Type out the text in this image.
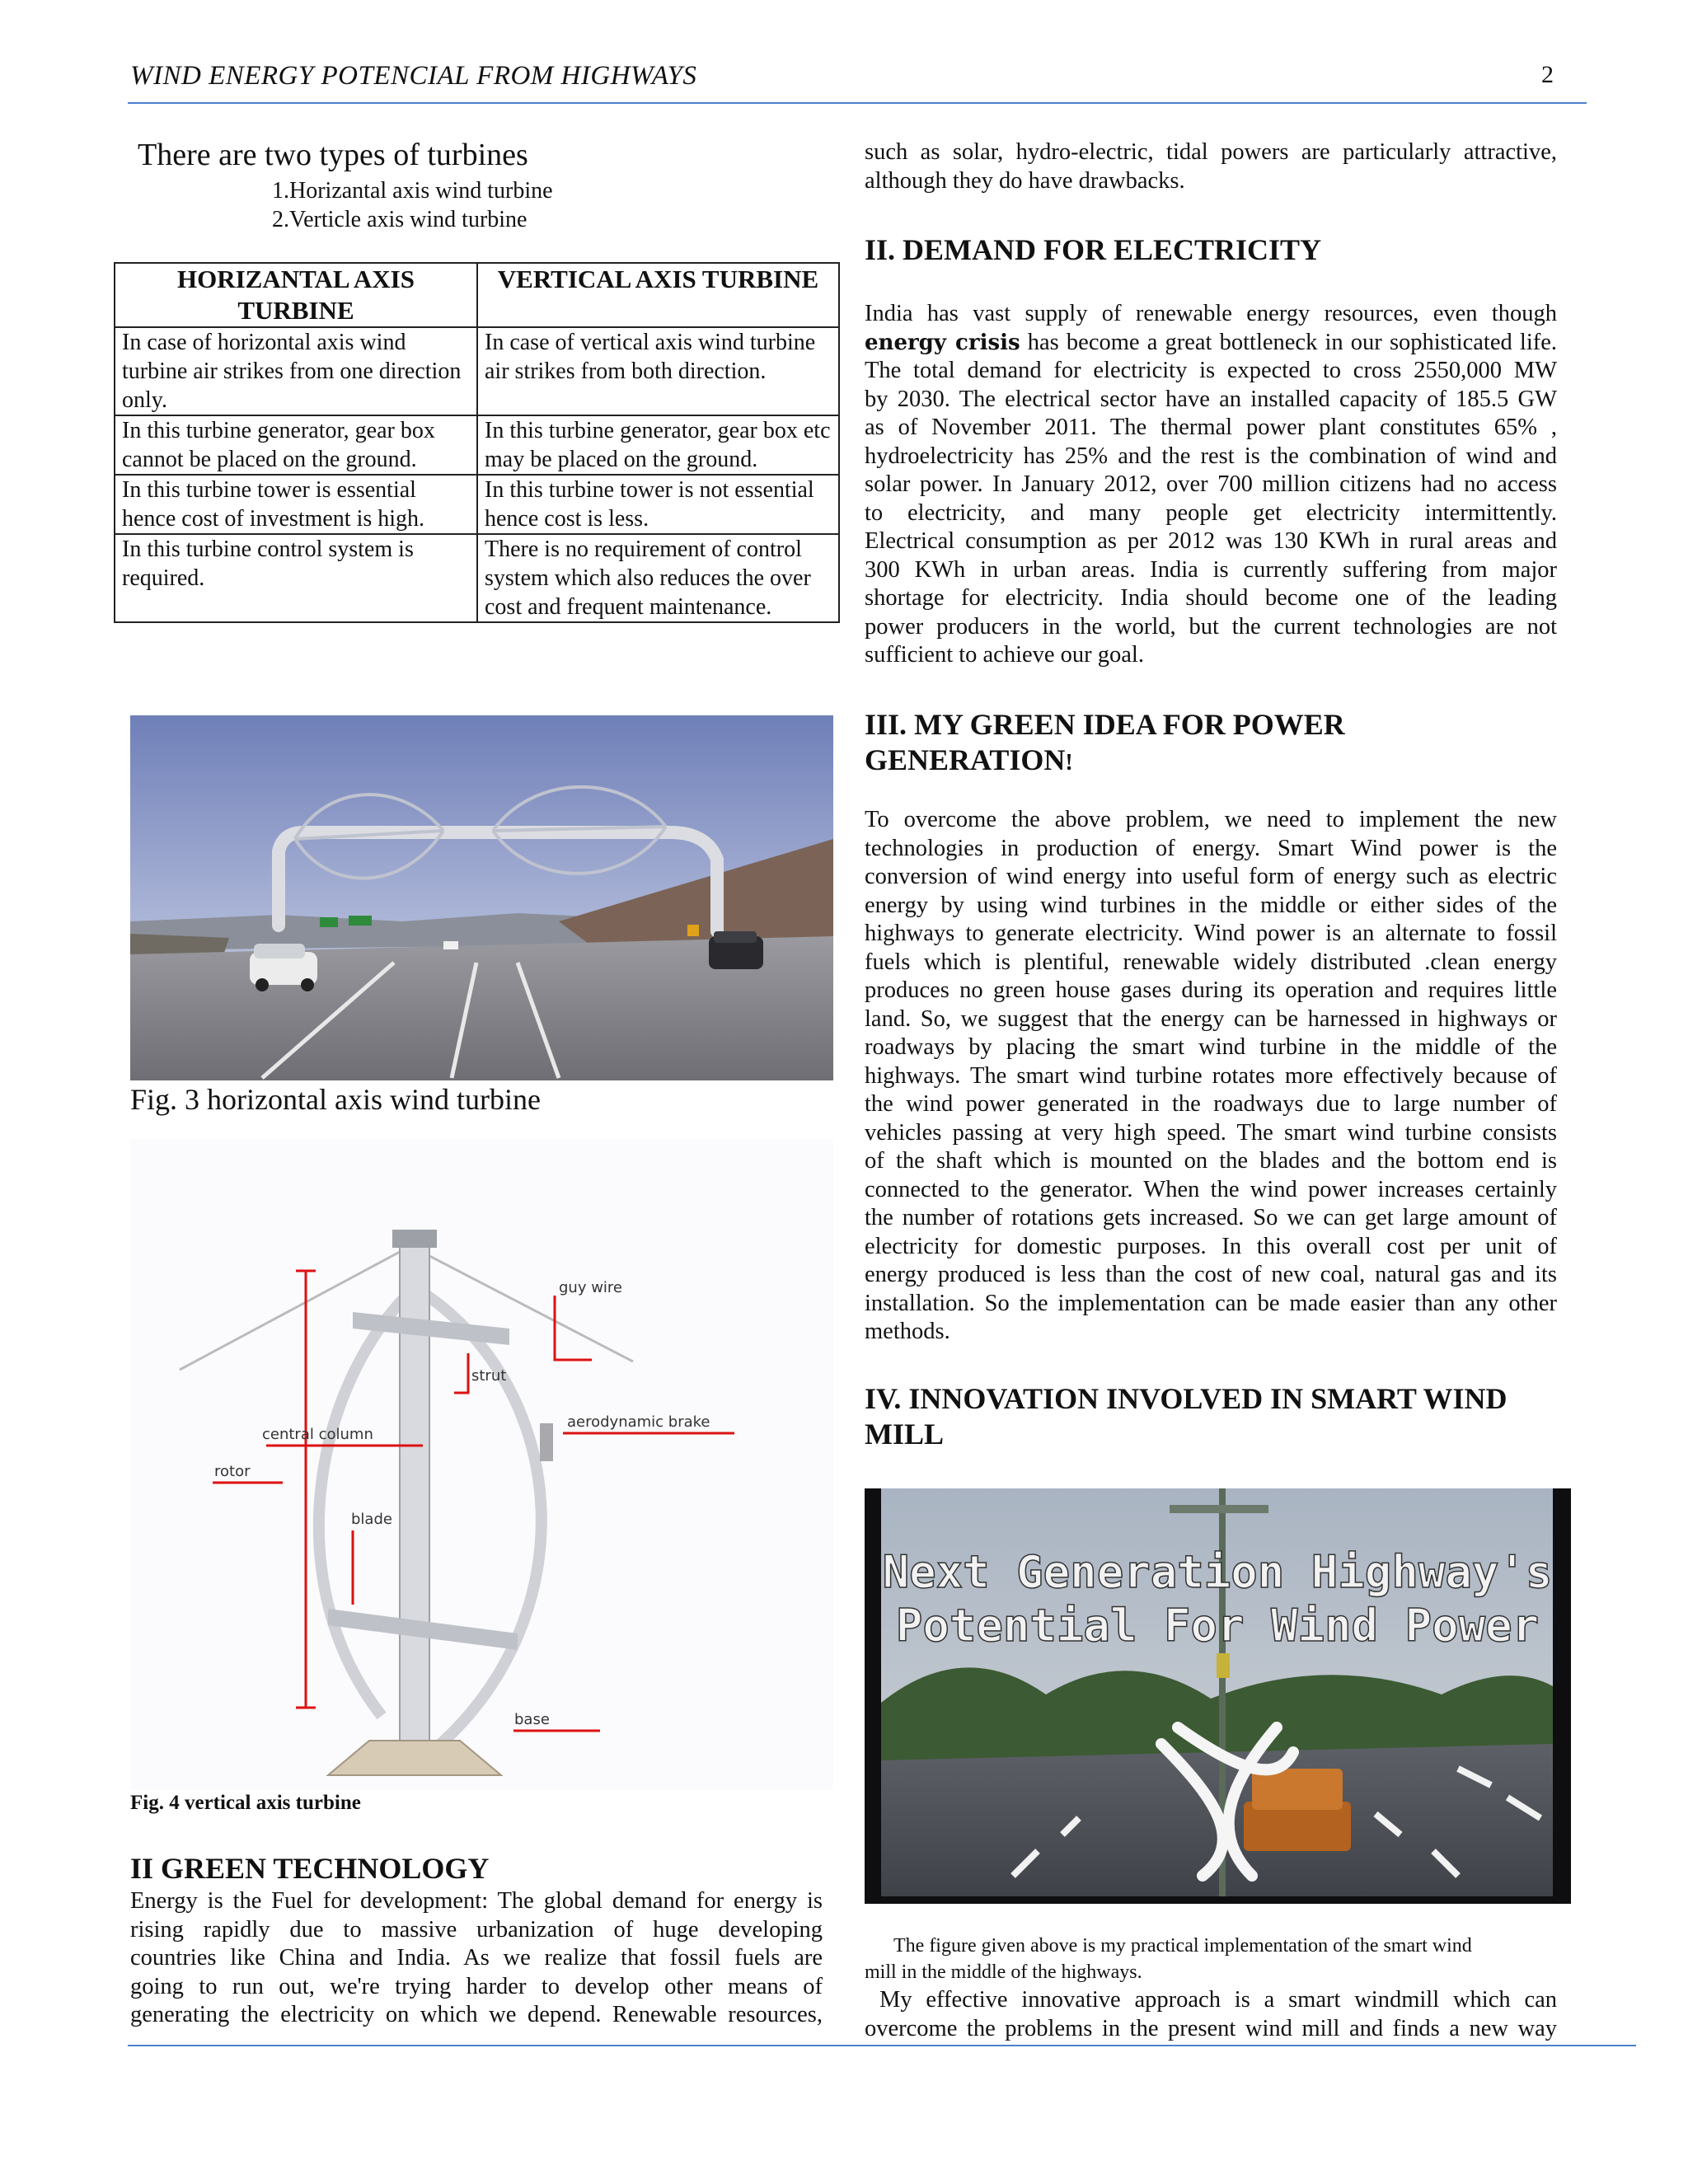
WIND ENERGY POTENCIAL FROM HIGHWAYS	2
There are two types of turbines
1.Horizantal axis wind turbine
2.Verticle axis wind turbine
HORIZANTAL AXIS TURBINE	VERTICAL AXIS TURBINE
In case of horizontal axis wind turbine air strikes from one direction only.	In case of vertical axis wind turbine air strikes from both direction.
In this turbine generator, gear box cannot be placed on the ground.	In this turbine generator, gear box etc may be placed on the ground.
In this turbine tower is essential hence cost of investment is high.	In this turbine tower is not essential hence cost is less.
In this turbine control system is required.	There is no requirement of control system which also reduces the over cost and frequent maintenance.
Fig. 3 horizontal axis wind turbine
guy wire
strut
aerodynamic brake
central column
rotor
blade
base
Fig. 4 vertical axis turbine
II GREEN TECHNOLOGY
Energy is the Fuel for development: The global demand for energy is
rising rapidly due to massive urbanization of huge developing
countries like China and India. As we realize that fossil fuels are
going to run out, we're trying harder to develop other means of
generating the electricity on which we depend. Renewable resources,
such as solar, hydro-electric, tidal powers are particularly attractive,
although they do have drawbacks.
II. DEMAND FOR ELECTRICITY
India has vast supply of renewable energy resources, even though
energy crisis has become a great bottleneck in our sophisticated life.
The total demand for electricity is expected to cross 2550,000 MW
by 2030. The electrical sector have an installed capacity of 185.5 GW
as of November 2011. The thermal power plant constitutes 65% ,
hydroelectricity has 25% and the rest is the combination of wind and
solar power. In January 2012, over 700 million citizens had no access
to electricity, and many people get electricity intermittently.
Electrical consumption as per 2012 was 130 KWh in rural areas and
300 KWh in urban areas. India is currently suffering from major
shortage for electricity. India should become one of the leading
power producers in the world, but the current technologies are not
sufficient to achieve our goal.
III. MY GREEN IDEA FOR POWER
GENERATION!
To overcome the above problem, we need to implement the new
technologies in production of energy. Smart Wind power is the
conversion of wind energy into useful form of energy such as electric
energy by using wind turbines in the middle or either sides of the
highways to generate electricity. Wind power is an alternate to fossil
fuels which is plentiful, renewable widely distributed .clean energy
produces no green house gases during its operation and requires little
land. So, we suggest that the energy can be harnessed in highways or
roadways by placing the smart wind turbine in the middle of the
highways. The smart wind turbine rotates more effectively because of
the wind power generated in the roadways due to large number of
vehicles passing at very high speed. The smart wind turbine consists
of the shaft which is mounted on the blades and the bottom end is
connected to the generator. When the wind power increases certainly
the number of rotations gets increased. So we can get large amount of
electricity for domestic purposes. In this overall cost per unit of
energy produced is less than the cost of new coal, natural gas and its
installation. So the implementation can be made easier than any other
methods.
IV. INNOVATION INVOLVED IN SMART WIND
MILL
Next Generation Highway's
Potential For Wind Power
The figure given above is my practical implementation of the smart wind
mill in the middle of the highways.
My effective innovative approach is a smart windmill which can
overcome the problems in the present wind mill and finds a new way
